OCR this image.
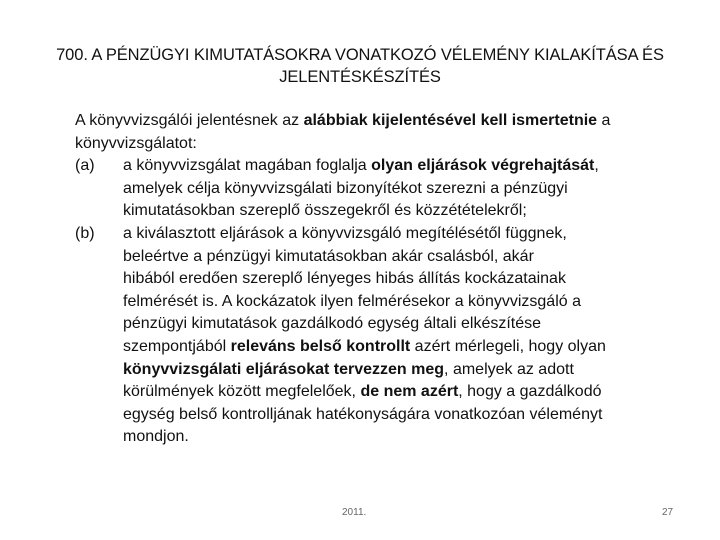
700. A PÉNZÜGYI KIMUTATÁSOKRA VONATKOZÓ VÉLEMÉNY KIALAKÍTÁSA ÉS
JELENTÉSKÉSZÍTÉS

A könyvvizsgálói jelentésnek az alábbiak kijelentésével kell ismertetnie a
könyvvizsgálatot:

(a)	a könyvvizsgálat magában foglalja olyan eljárások végrehajtását,
amelyek célja könyvvizsgálati bizonyítékot szerezni a pénzügyi
kimutatásokban szereplő összegekről és közzétételekről;
(b)	a kiválasztott eljárások a könyvvizsgáló megítélésétől függnek,
beleértve a pénzügyi kimutatásokban akár csalásból, akár
hibából eredően szereplő lényeges hibás állítás kockázatainak
felmérését is. A kockázatok ilyen felmérésekor a könyvvizsgáló a
pénzügyi kimutatások gazdálkodó egység általi elkészítése
szempontjából releváns belső kontrollt azért mérlegeli, hogy olyan
könyvvizsgálati eljárásokat tervezzen meg, amelyek az adott
körülmények között megfelelőek, de nem azért, hogy a gazdálkodó
egység belső kontrolljának hatékonyságára vonatkozóan véleményt
mondjon.
2011.	27
